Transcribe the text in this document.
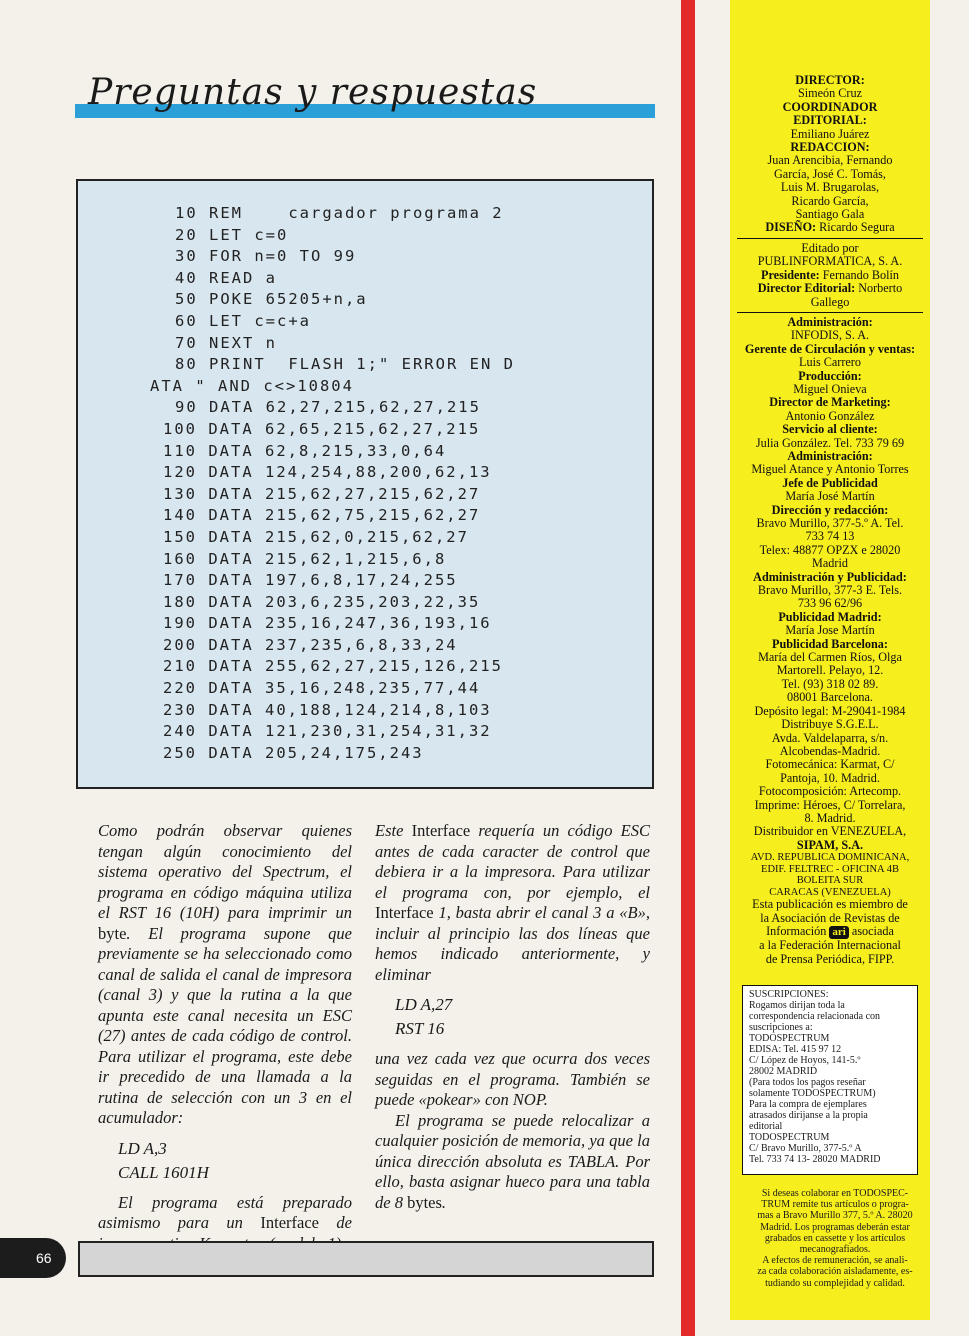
Preguntas y respuestas
10 REM    cargador programa 2
20 LET c=0
30 FOR n=0 TO 99
40 READ a
50 POKE 65205+n,a
60 LET c=c+a
70 NEXT n
80 PRINT  FLASH 1;" ERROR EN D
ATA " AND c<>10804
90 DATA 62,27,215,62,27,215
100 DATA 62,65,215,62,27,215
110 DATA 62,8,215,33,0,64
120 DATA 124,254,88,200,62,13
130 DATA 215,62,27,215,62,27
140 DATA 215,62,75,215,62,27
150 DATA 215,62,0,215,62,27
160 DATA 215,62,1,215,6,8
170 DATA 197,6,8,17,24,255
180 DATA 203,6,235,203,22,35
190 DATA 235,16,247,36,193,16
200 DATA 237,235,6,8,33,24
210 DATA 255,62,27,215,126,215
220 DATA 35,16,248,235,77,44
230 DATA 40,188,124,214,8,103
240 DATA 121,230,31,254,31,32
250 DATA 205,24,175,243

Como podrán observar quienes tengan algún conocimiento del sistema operativo del Spectrum, el programa en código máquina utiliza el RST 16 (10H) para imprimir un byte. El programa supone que previamente se ha seleccionado como canal de salida el canal de impresora (canal 3) y que la rutina a la que apunta este canal necesita un ESC (27) antes de cada código de control. Para utilizar el programa, este debe ir precedido de una llamada a la rutina de selección con un 3 en el acumulador:

LD A,3
CALL 1601H

El programa está preparado asimismo para un Interface de

Este Interface requería un código ESC antes de cada caracter de control que debiera ir a la impresora. Para utilizar el programa con, por ejemplo, el Interface 1, basta abrir el canal 3 a «B», incluir al principio las dos líneas que hemos indicado anteriormente, y eliminar

LD A,27
RST 16

una vez cada vez que ocurra dos veces seguidas en el programa. También se puede «pokear» con NOP.

El programa se puede relocalizar a cualquier posición de memoria, ya que la única dirección absoluta es TABLA. Por ello, basta asignar hueco para una tabla de 8 bytes.

66
DIRECTOR:
Simeón Cruz
COORDINADOR
EDITORIAL:
Emiliano Juárez
REDACCION:
Juan Arencibia, Fernando
García, José C. Tomás,
Luis M. Brugarolas,
Ricardo García,
Santiago Gala
DISEÑO: Ricardo Segura
Editado por
PUBLINFORMATICA, S. A.
Presidente: Fernando Bolín
Director Editorial: Norberto
Gallego
Administración:
INFODIS, S. A.
Gerente de Circulación y ventas:
Luis Carrero
Producción:
Miguel Onieva
Director de Marketing:
Antonio González
Servicio al cliente:
Julia González. Tel. 733 79 69
Administración:
Miguel Atance y Antonio Torres
Jefe de Publicidad
María José Martín
Dirección y redacción:
Bravo Murillo, 377-5.º A. Tel.
733 74 13
Telex: 48877 OPZX e 28020
Madrid
Administración y Publicidad:
Bravo Murillo, 377-3 E. Tels.
733 96 62/96
Publicidad Madrid:
María Jose Martín
Publicidad Barcelona:
María del Carmen Ríos, Olga
Martorell. Pelayo, 12.
Tel. (93) 318 02 89.
08001 Barcelona.
Depósito legal: M-29041-1984
Distribuye S.G.E.L.
Avda. Valdelaparra, s/n.
Alcobendas-Madrid.
Fotomecánica: Karmat, C/
Pantoja, 10. Madrid.
Fotocomposición: Artecomp.
Imprime: Héroes, C/ Torrelara,
8. Madrid.
Distribuidor en VENEZUELA,
SIPAM, S.A.
AVD. REPUBLICA DOMINICANA,
EDIF. FELTREC - OFICINA 4B
BOLEITA SUR
CARACAS (VENEZUELA)
Esta publicación es miembro de
la Asociación de Revistas de
Información ari asociada
a la Federación Internacional
de Prensa Periódica, FIPP.
SUSCRIPCIONES:
Rogamos dirijan toda la
correspondencia relacionada con
suscripciones a:
TODOSPECTRUM
EDISA: Tel. 415 97 12
C/ López de Hoyos, 141-5.º
28002 MADRID
(Para todos los pagos reseñar
solamente TODOSPECTRUM)
Para la compra de ejemplares
atrasados dirijanse a la propia
editorial
TODOSPECTRUM
C/ Bravo Murillo, 377-5.º A
Tel. 733 74 13- 28020 MADRID
Si deseas colaborar en TODOSPEC-
TRUM remite tus artículos o progra-
mas a Bravo Murillo 377, 5.º A. 28020
Madrid. Los programas deberán estar
grabados en cassette y los artículos
mecanografiados.
A efectos de remuneración, se anali-
za cada colaboración aisladamente, es-
tudiando su complejidad y calidad.
